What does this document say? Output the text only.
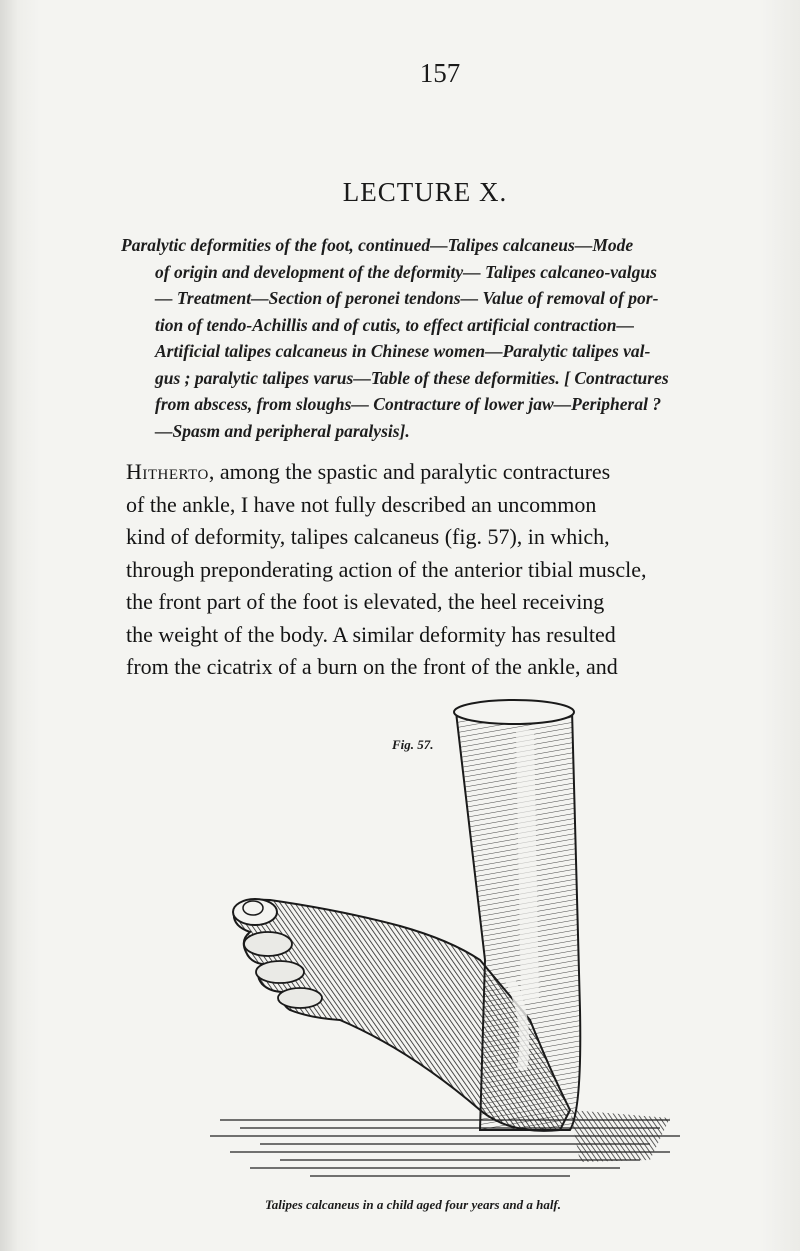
157
LECTURE X.
Paralytic deformities of the foot, continued—Talipes calcaneus—Mode
of origin and development of the deformity— Talipes calcaneo-valgus
— Treatment—Section of peronei tendons— Value of removal of por-
tion of tendo-Achillis and of cutis, to effect artificial contraction—
Artificial talipes calcaneus in Chinese women—Paralytic talipes val-
gus ; paralytic talipes varus—Table of these deformities. [ Contractures
from abscess, from sloughs— Contracture of lower jaw—Peripheral ?
—Spasm and peripheral paralysis].
Hitherto, among the spastic and paralytic contractures
of the ankle, I have not fully described an uncommon
kind of deformity, talipes calcaneus (fig. 57), in which,
through preponderating action of the anterior tibial muscle,
the front part of the foot is elevated, the heel receiving
the weight of the body. A similar deformity has resulted
from the cicatrix of a burn on the front of the ankle, and
Fig. 57.
Talipes calcaneus in a child aged four years and a half.
